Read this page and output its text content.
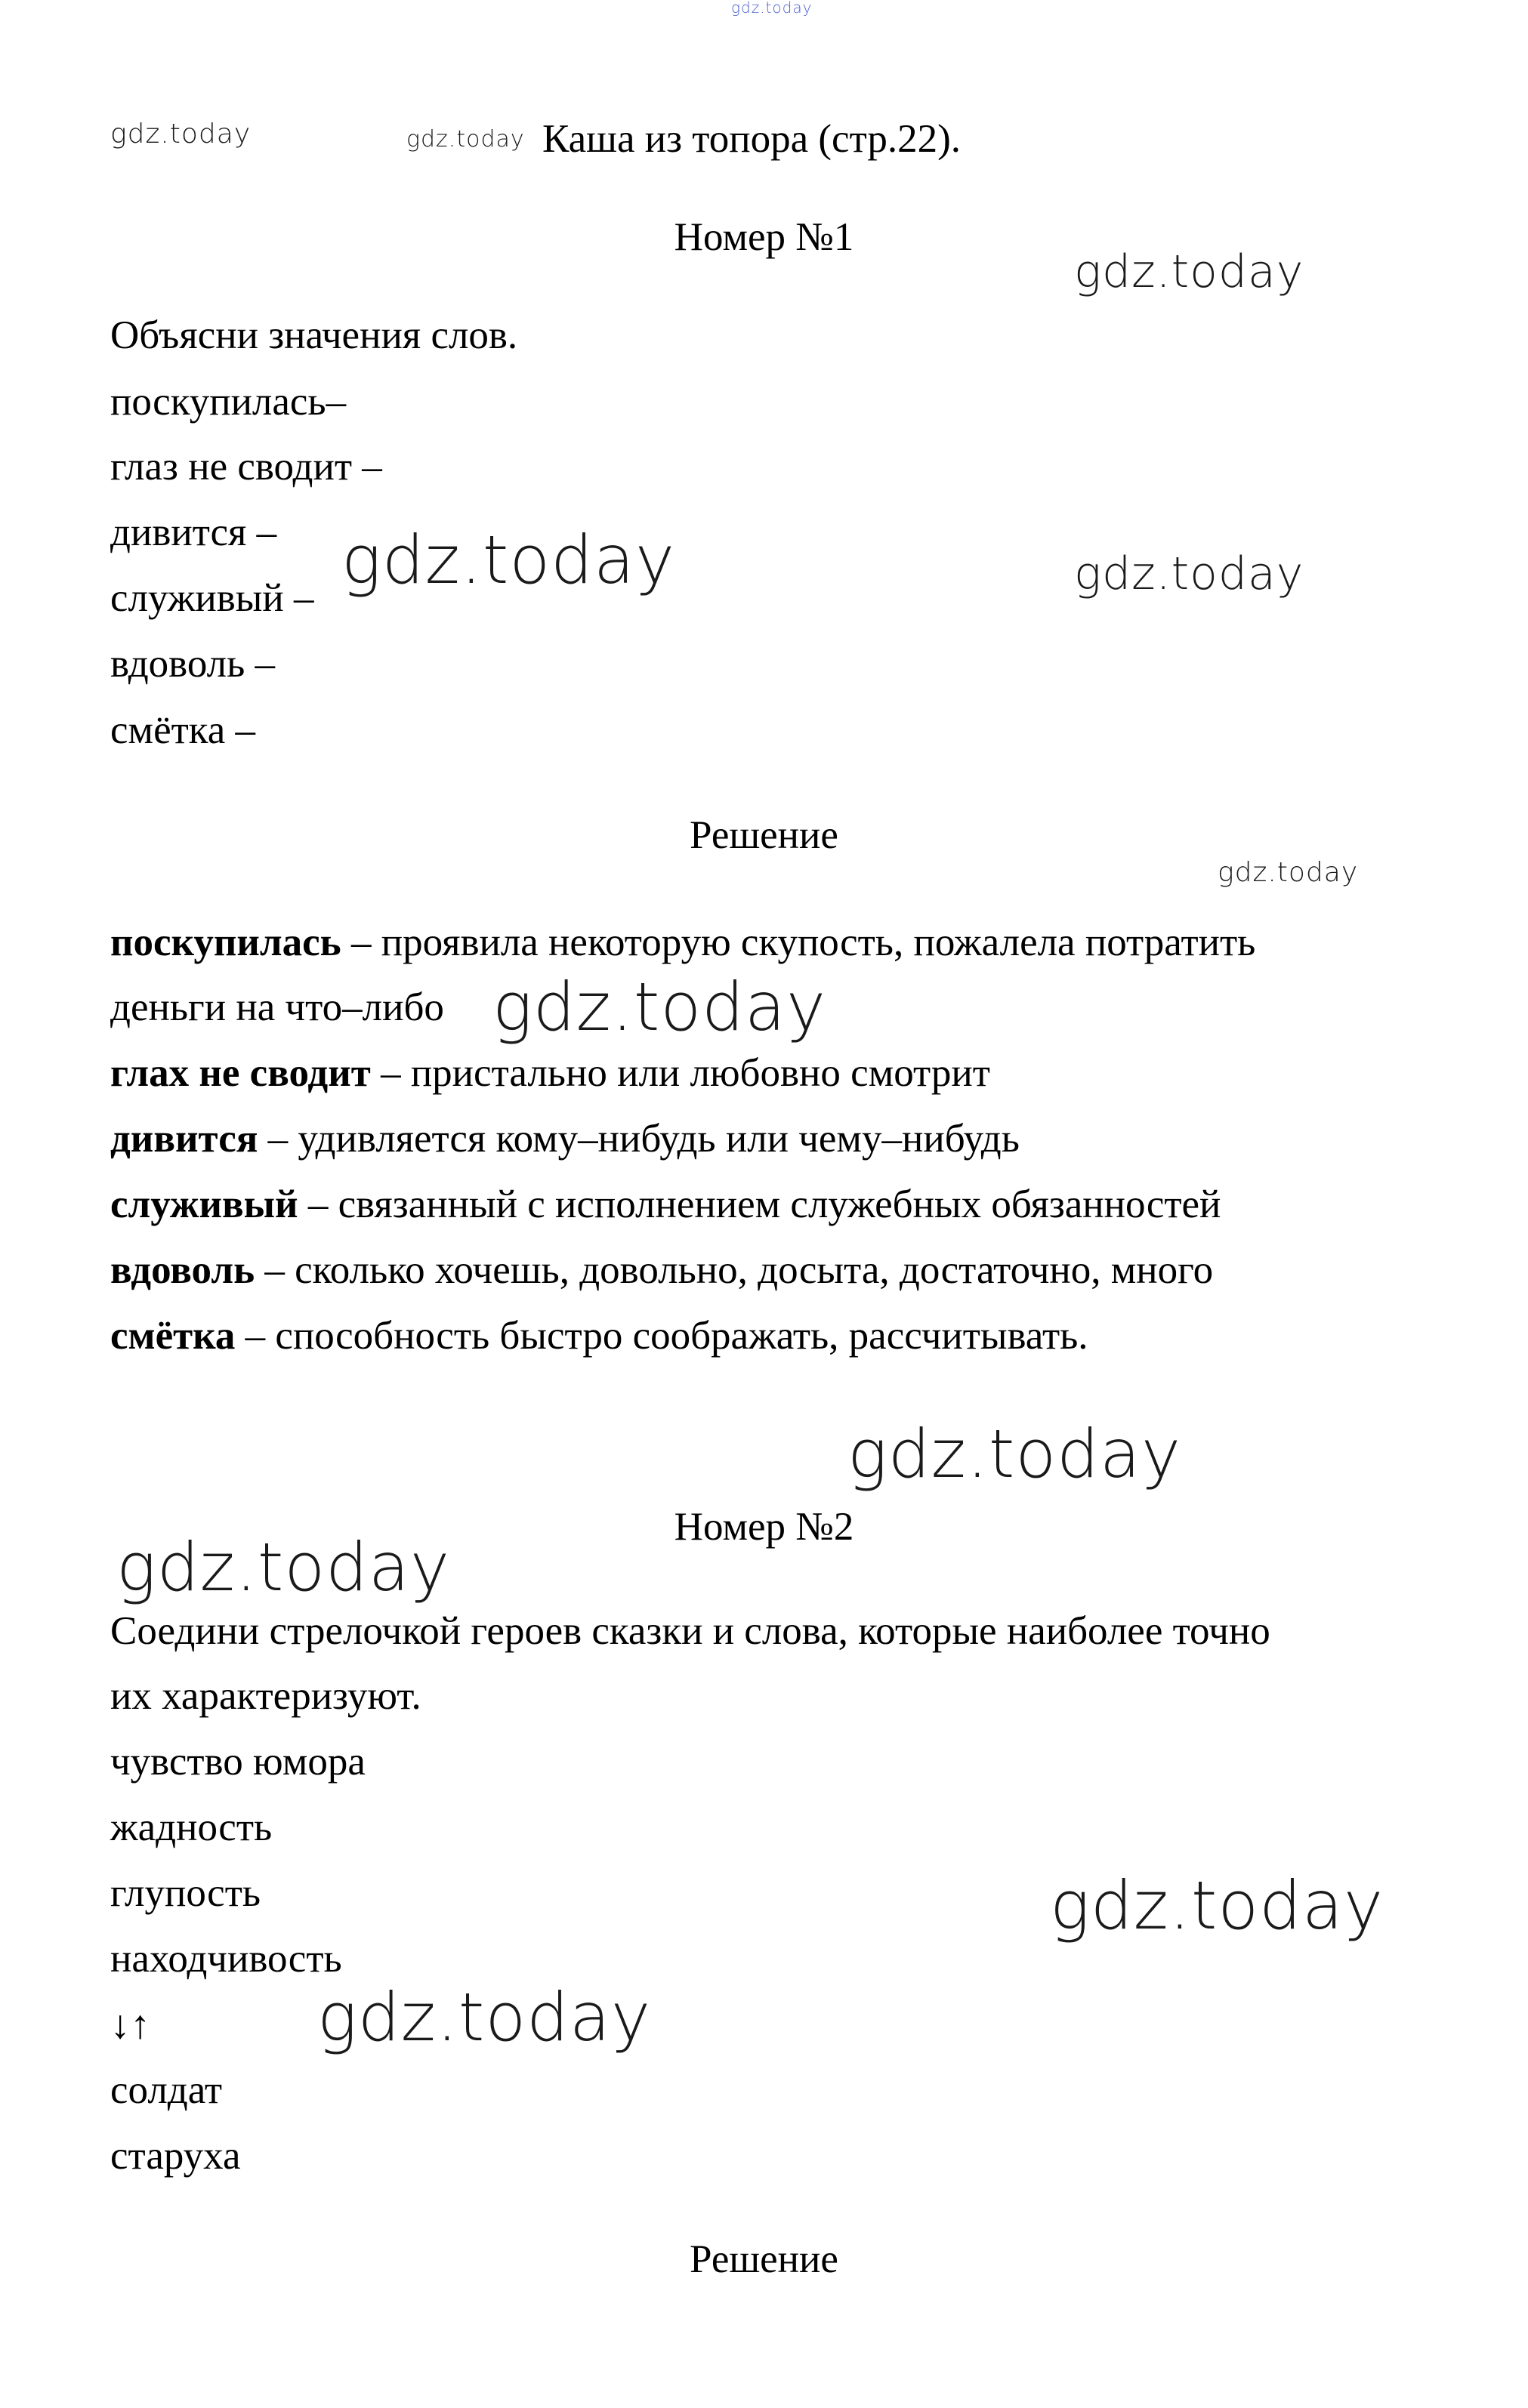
gdz.today
gdz.today	gdz.today
gdz.today
gdz.today	gdz.today
gdz.today
gdz.today
gdz.today
gdz.today
gdz.today
gdz.today
Каша из топора (стр.22).
Номер №1
Объясни значения слов.
поскупилась–
глаз не сводит –
дивится –
служивый –
вдоволь –
смётка –
Решение
поскупилась – проявила некоторую скупость, пожалела потратить
деньги на что–либо
глах не сводит – пристально или любовно смотрит
дивится – удивляется кому–нибудь или чему–нибудь
служивый – связанный с исполнением служебных обязанностей
вдоволь – сколько хочешь, довольно, досыта, достаточно, много
смётка – способность быстро соображать, рассчитывать.
Номер №2
Соедини стрелочкой героев сказки и слова, которые наиболее точно
их характеризуют.
чувство юмора
жадность
глупость
находчивость
↓↑
солдат
старуха
Решение
